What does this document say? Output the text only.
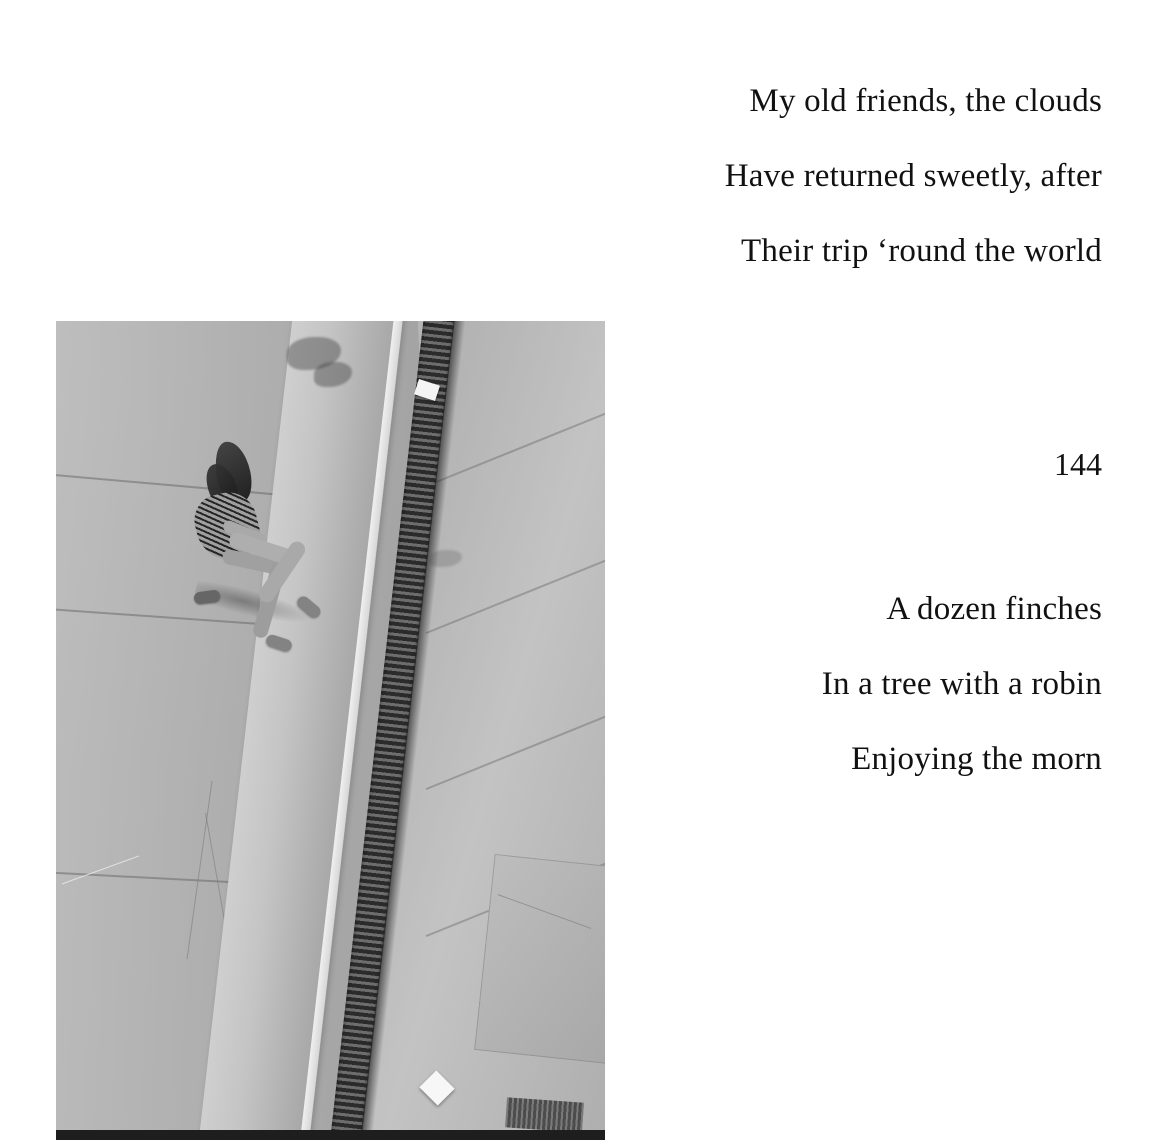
My old friends, the clouds
Have returned sweetly, after
Their trip ‘round the world

144

A dozen finches
In a tree with a robin
Enjoying the morn
